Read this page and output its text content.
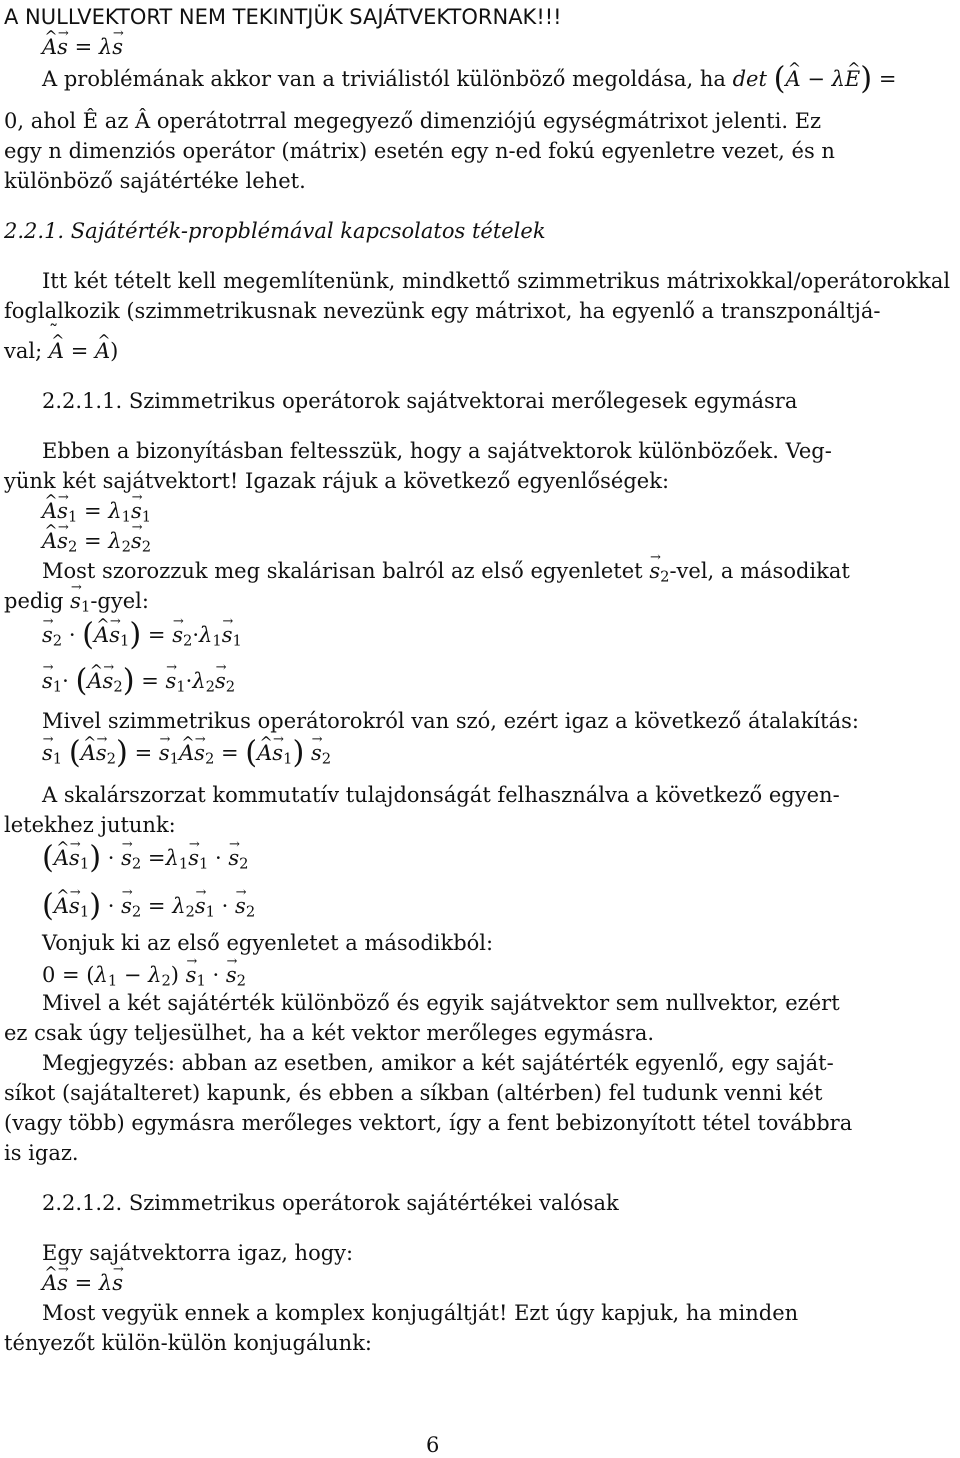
A NULLVEKTORT NEM TEKINTJÜK SAJÁTVEKTORNAK!!!
A ^s → = λs →
A problémának akkor van a triviálistól különböző megoldása, ha det (A ^ − λE ^) =
0, ahol Ê az Â operátotrral megegyező dimenziójú egységmátrixot jelenti. Ez
egy n dimenziós operátor (mátrix) esetén egy n-ed fokú egyenletre vezet, és n
különböző sajátértéke lehet.
2.2.1. Sajátérték-propblémával kapcsolatos tételek
Itt két tételt kell megemlítenünk, mindkettő szimmetrikus mátrixokkal/operátorokkal
foglalkozik (szimmetrikusnak nevezünk egy mátrixot, ha egyenlő a transzponáltjá-
val;
˜
A ^ = A ^)
2.2.1.1. Szimmetrikus operátorok sajátvektorai merőlegesek egymásra
Ebben a bizonyításban feltesszük, hogy a sajátvektorok különbözőek. Veg-
yünk két sajátvektort! Igazak rájuk a következő egyenlőségek:
A ^s $\to_1 = \lambda_1s \to_1$
A ^s $\to_2 = \lambda_2s \to_2$
Most szorozzuk meg skalárisan balról az első egyenletet $s \to_2$-vel, a másodikat
pedig $s \to_1$-gyel:
$s \to_2 \cdot (A$ ^s $\to_1) = s \to_2\cdot\lambda_1s \to_1$
$s \to_1\cdot (A$ ^s $\to_2) = s \to_1\cdot\lambda_2s \to_2$
Mivel szimmetrikus operátorokról van szó, ezért igaz a következő átalakítás:
$s \to_1$ (A ^s $\to_2) = s \to_1A$ ^s $\to_2 = (A$ ^s $\to_1$) $s \to_2$
A skalárszorzat kommutatív tulajdonságát felhasználva a következő egyen-
letekhez jutunk:
(A ^s $\to_1) \cdot s \to_2 =\lambda_1s \to_1 \cdot s \to_2$
(A ^s $\to_1) \cdot s \to_2 = \lambda_2s \to_1 \cdot s \to_2$
Vonjuk ki az első egyenletet a másodikból:
$0 = (\lambda_1 - \lambda_2)$ $s \to_1 \cdot s \to_2$
Mivel a két sajátérték különböző és egyik sajátvektor sem nullvektor, ezért
ez csak úgy teljesülhet, ha a két vektor merőleges egymásra.
Megjegyzés: abban az esetben, amikor a két sajátérték egyenlő, egy saját-
síkot (sajátalteret) kapunk, és ebben a síkban (altérben) fel tudunk venni két
(vagy több) egymásra merőleges vektort, így a fent bebizonyított tétel továbbra
is igaz.
2.2.1.2. Szimmetrikus operátorok sajátértékei valósak
Egy sajátvektorra igaz, hogy:
A ^s → = λs →
Most vegyük ennek a komplex konjugáltját! Ezt úgy kapjuk, ha minden
tényezőt külön-külön konjugálunk:
6
